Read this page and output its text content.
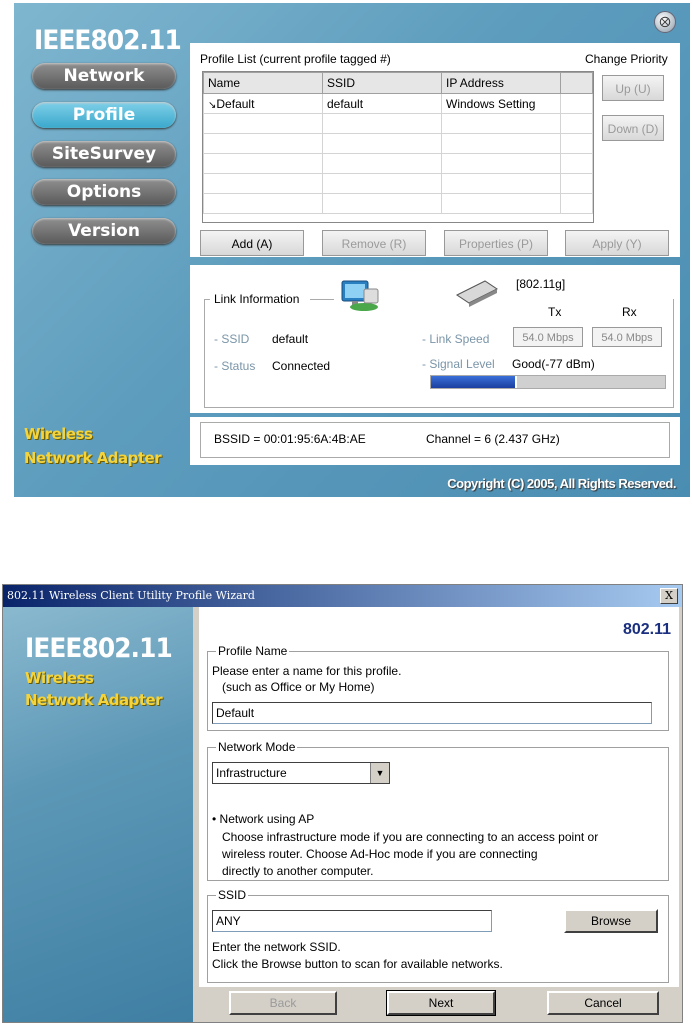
IEEE802.11
Network
Profile
SiteSurvey
Options
Version
Wireless
Network Adapter
⨂
Profile List (current profile tagged #)	Change Priority
Name	SSID	IP Address	
↘Default	default	Windows Setting	

Up (U)
Down (D)
Add (A)	Remove (R)	Properties (P)	Apply (Y)
Link Information
[802.11g]
Tx	Rx
- SSID default
- Status Connected
- Link Speed	54.0 Mbps	54.0 Mbps
- Signal Level Good(-77 dBm)
BSSID = 00:01:95:6A:4B:AE	Channel = 6 (2.437 GHz)
Copyright (C) 2005, All Rights Reserved.
802.11 Wireless Client Utility Profile Wizard	X
IEEE802.11
Wireless
Network Adapter
802.11
Profile Name
Please enter a name for this profile.
(such as Office or My Home)
Default
Network Mode
Infrastructure	▼
• Network using AP
Choose infrastructure mode if you are connecting to an access point or
wireless router. Choose Ad-Hoc mode if you are connecting
directly to another computer.
SSID
ANY	Browse
Enter the network SSID.
Click the Browse button to scan for available networks.
Back	Next	Cancel
